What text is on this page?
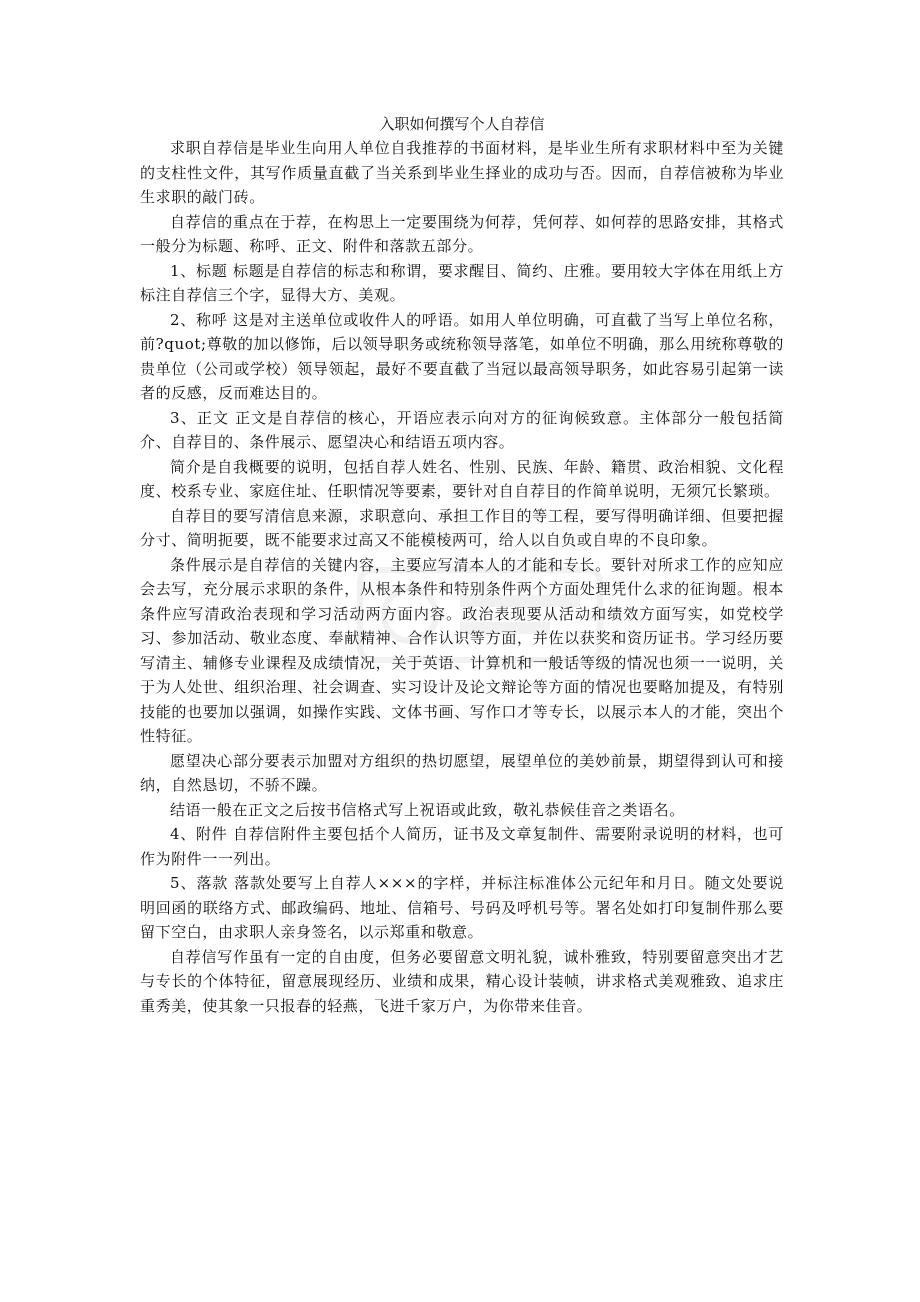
入职如何撰写个人自荐信

求职自荐信是毕业生向用人单位自我推荐的书面材料，是毕业生所有求职材料中至为关键的支柱性文件，其写作质量直截了当关系到毕业生择业的成功与否。因而，自荐信被称为毕业生求职的敲门砖。

自荐信的重点在于荐，在构思上一定要围绕为何荐，凭何荐、如何荐的思路安排，其格式一般分为标题、称呼、正文、附件和落款五部分。

1、标题 标题是自荐信的标志和称谓，要求醒目、简约、庄雅。要用较大字体在用纸上方标注自荐信三个字，显得大方、美观。

2、称呼 这是对主送单位或收件人的呼语。如用人单位明确，可直截了当写上单位名称，前?quot;尊敬的加以修饰，后以领导职务或统称领导落笔，如单位不明确，那么用统称尊敬的贵单位（公司或学校）领导领起，最好不要直截了当冠以最高领导职务，如此容易引起第一读者的反感，反而难达目的。

3、正文 正文是自荐信的核心，开语应表示向对方的征询候致意。主体部分一般包括简介、自荐目的、条件展示、愿望决心和结语五项内容。

简介是自我概要的说明，包括自荐人姓名、性别、民族、年龄、籍贯、政治相貌、文化程度、校系专业、家庭住址、任职情况等要素，要针对自自荐目的作简单说明，无须冗长繁琐。

自荐目的要写清信息来源，求职意向、承担工作目的等工程，要写得明确详细、但要把握分寸、简明扼要，既不能要求过高又不能模棱两可，给人以自负或自卑的不良印象。

条件展示是自荐信的关键内容，主要应写清本人的才能和专长。要针对所求工作的应知应会去写，充分展示求职的条件，从根本条件和特别条件两个方面处理凭什么求的征询题。根本条件应写清政治表现和学习活动两方面内容。政治表现要从活动和绩效方面写实，如党校学习、参加活动、敬业态度、奉献精神、合作认识等方面，并佐以获奖和资历证书。学习经历要写清主、辅修专业课程及成绩情况，关于英语、计算机和一般话等级的情况也须一一说明，关于为人处世、组织治理、社会调查、实习设计及论文辩论等方面的情况也要略加提及，有特别技能的也要加以强调，如操作实践、文体书画、写作口才等专长，以展示本人的才能，突出个性特征。

愿望决心部分要表示加盟对方组织的热切愿望，展望单位的美妙前景，期望得到认可和接纳，自然恳切，不骄不躁。

结语一般在正文之后按书信格式写上祝语或此致，敬礼恭候佳音之类语名。

4、附件 自荐信附件主要包括个人简历，证书及文章复制件、需要附录说明的材料，也可作为附件一一列出。

5、落款 落款处要写上自荐人×××的字样，并标注标准体公元纪年和月日。随文处要说明回函的联络方式、邮政编码、地址、信箱号、号码及呼机号等。署名处如打印复制件那么要留下空白，由求职人亲身签名，以示郑重和敬意。

自荐信写作虽有一定的自由度，但务必要留意文明礼貌，诚朴雅致，特别要留意突出才艺与专长的个体特征，留意展现经历、业绩和成果，精心设计装帧，讲求格式美观雅致、追求庄重秀美，使其象一只报春的轻燕，飞进千家万户，为你带来佳音。
